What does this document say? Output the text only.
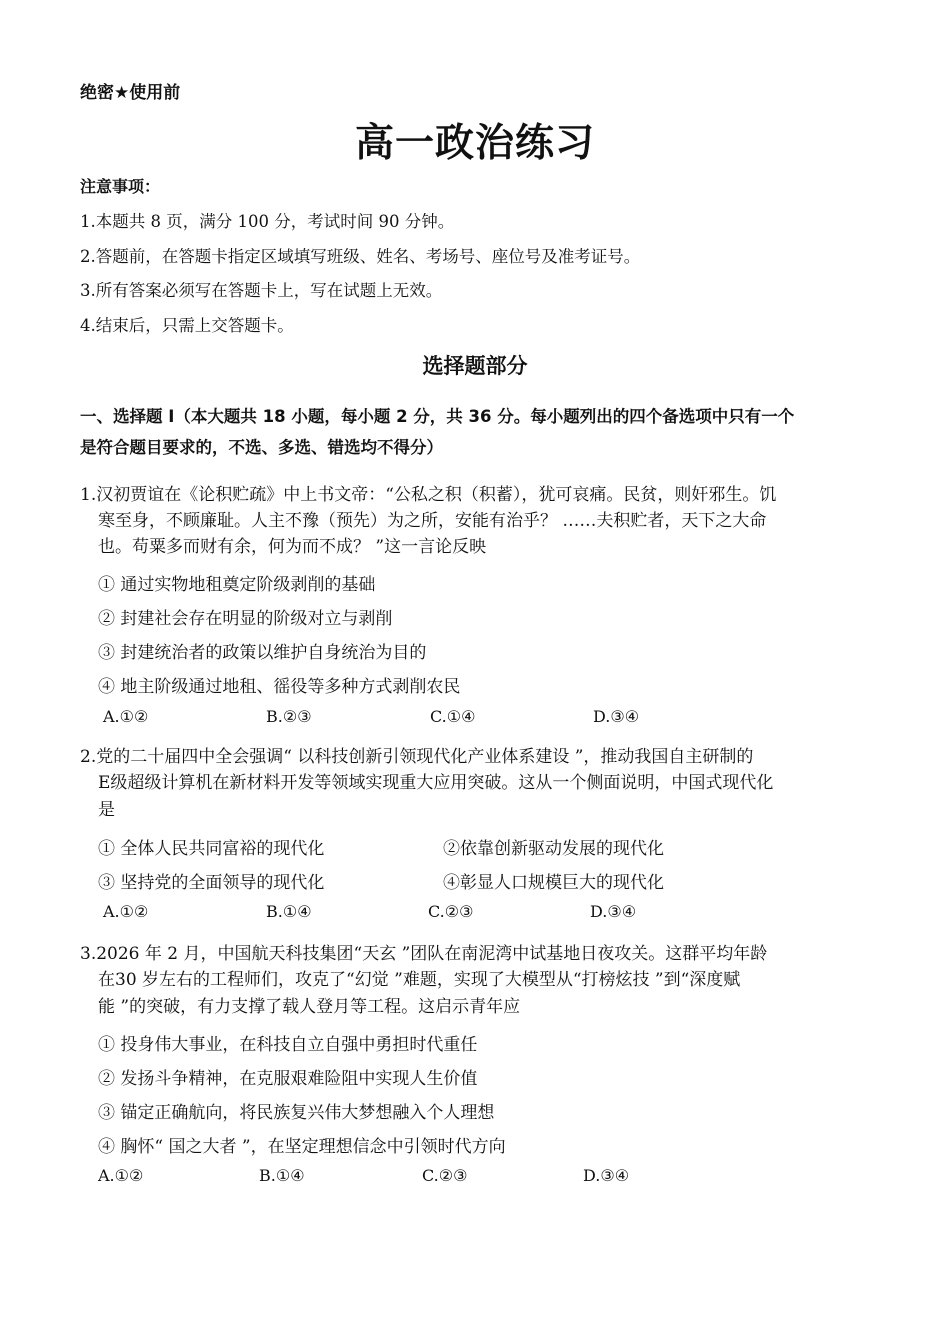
绝密★使用前
高一政治练习
注意事项：
1.本题共 8 页，满分 100 分，考试时间 90 分钟。
2.答题前，在答题卡指定区域填写班级、姓名、考场号、座位号及准考证号。
3.所有答案必须写在答题卡上，写在试题上无效。
4.结束后，只需上交答题卡。
选择题部分
一、选择题 I（本大题共 18 小题，每小题 2 分，共 36 分。每小题列出的四个备选项中只有一个
是符合题目要求的，不选、多选、错选均不得分）
1.汉初贾谊在《论积贮疏》中上书文帝：“公私之积（积蓄），犹可哀痛。民贫，则奸邪生。饥
寒至身，不顾廉耻。人主不豫（预先）为之所，安能有治乎？ ……夫积贮者，天下之大命
也。苟粟多而财有余，何为而不成？ ”这一言论反映
① 通过实物地租奠定阶级剥削的基础
② 封建社会存在明显的阶级对立与剥削
③ 封建统治者的政策以维护自身统治为目的
④ 地主阶级通过地租、徭役等多种方式剥削农民
A.①②	B.②③	C.①④	D.③④
2.党的二十届四中全会强调“ 以科技创新引领现代化产业体系建设 ”，推动我国自主研制的
E级超级计算机在新材料开发等领域实现重大应用突破。这从一个侧面说明，中国式现代化
是
① 全体人民共同富裕的现代化	②依靠创新驱动发展的现代化
③ 坚持党的全面领导的现代化	④彰显人口规模巨大的现代化
A.①②	B.①④	C.②③	D.③④
3.2026 年 2 月，中国航天科技集团“天玄 ”团队在南泥湾中试基地日夜攻关。这群平均年龄
在30 岁左右的工程师们，攻克了“幻觉 ”难题，实现了大模型从“打榜炫技 ”到“深度赋
能 ”的突破，有力支撑了载人登月等工程。这启示青年应
① 投身伟大事业，在科技自立自强中勇担时代重任
② 发扬斗争精神，在克服艰难险阻中实现人生价值
③ 锚定正确航向，将民族复兴伟大梦想融入个人理想
④ 胸怀“ 国之大者 ”，在坚定理想信念中引领时代方向
A.①②	B.①④	C.②③	D.③④
